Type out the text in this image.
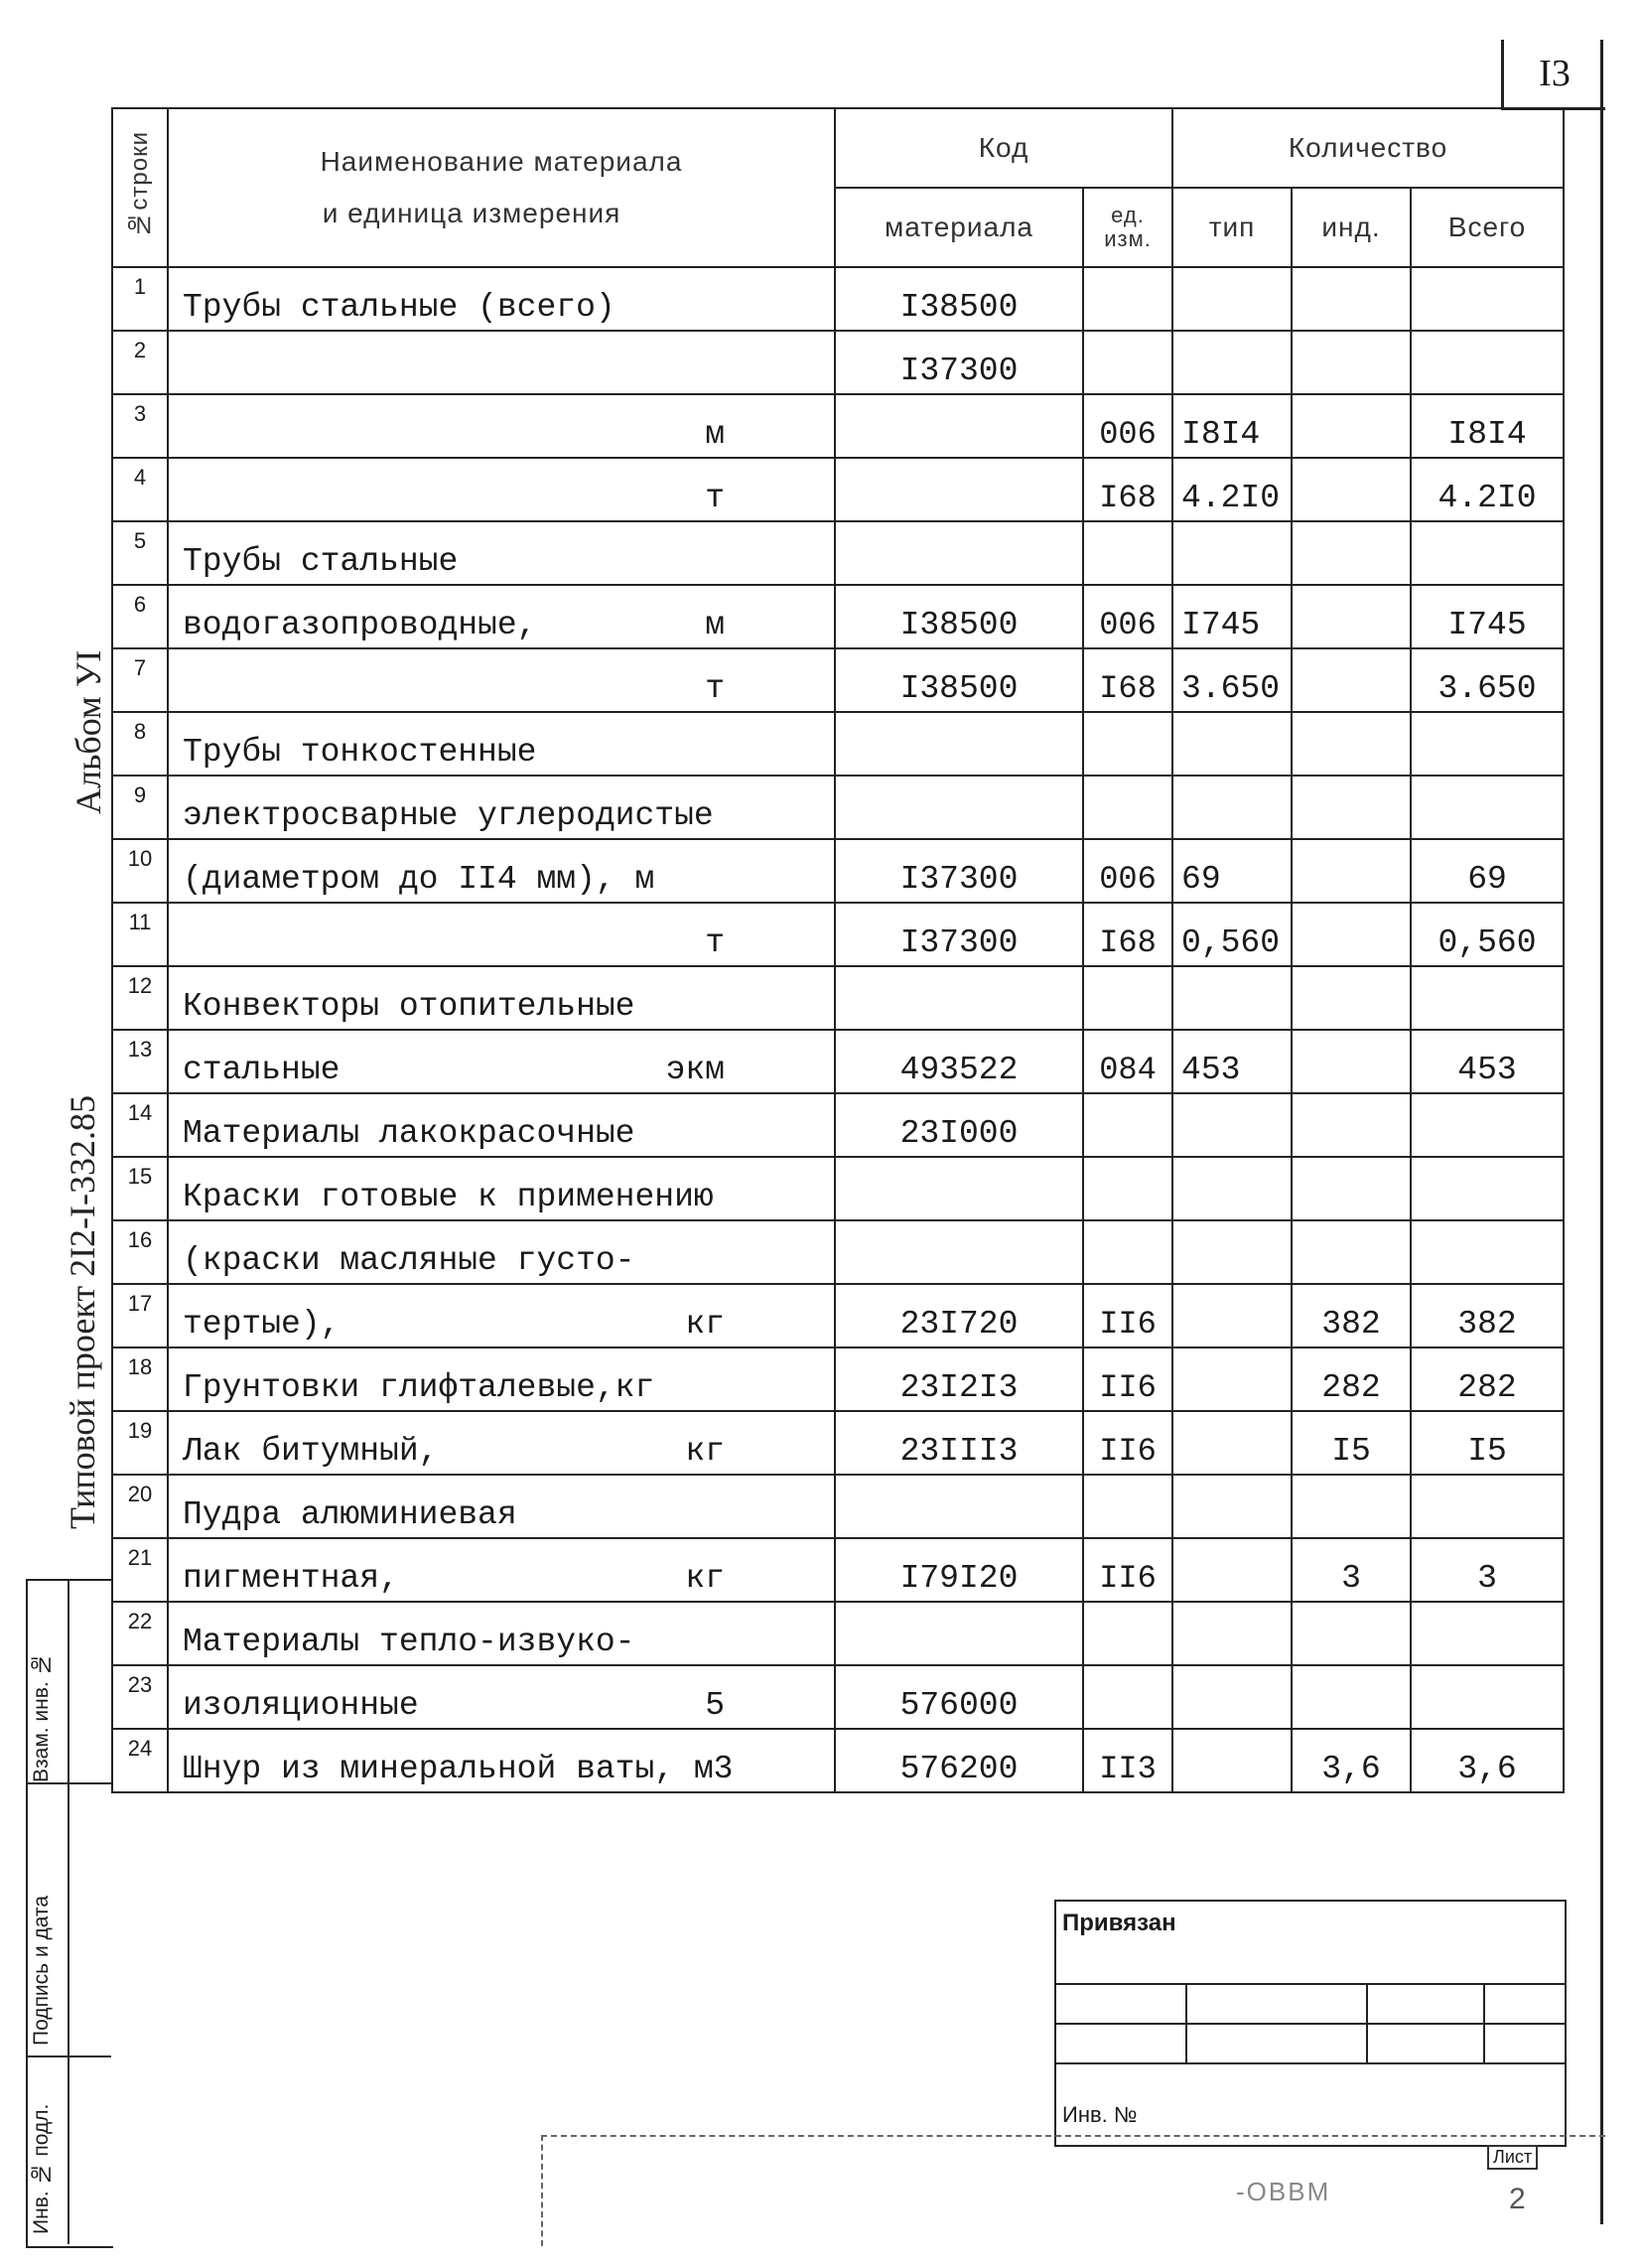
I3
Альбом УI
Типовой проект 2I2-I-332.85
Взам. инв. №
Подпись и дата
Инв. № подл.
№строки	Наименование материала
и единица измерения	Код		Количество		
		материала	ед. изм.	тип	инд.	Всего
1	Трубы стальные (всего)	I38500				
2		I37300				
3	м		006	I8I4		I8I4
4	т		I68	4.2I0		4.2I0
5	Трубы стальные

6	водогазопроводные, м	I38500	006	I745		I745
7	т	I38500	I68	3.650		3.650
8	Трубы тонкостенные

9	электросварные углеродистые

10	(диаметром до II4 мм), м	I37300	006	69		69
11	т	I37300	I68	0,560		0,560
12	Конвекторы отопительные

13	стальные экм	493522	084	453		453
14	Материалы лакокрасочные	23I000				
15	Краски готовые к применению

16	(краски масляные густо-

17	тертые), кг	23I720	II6		382	382
18	Грунтовки глифталевые,кг	23I2I3	II6		282	282
19	Лак битумный, кг	23III3	II6		I5	I5
20	Пудра алюминиевая

21	пигментная, кг	I79I20	II6		3	3
22	Материалы тепло-извуко-

23	изоляционные 5	576000				
24	Шнур из минеральной ваты, м3	576200	II3		3,6	3,6
Привязан
Инв. №
-ОВВМ
Лист
2
